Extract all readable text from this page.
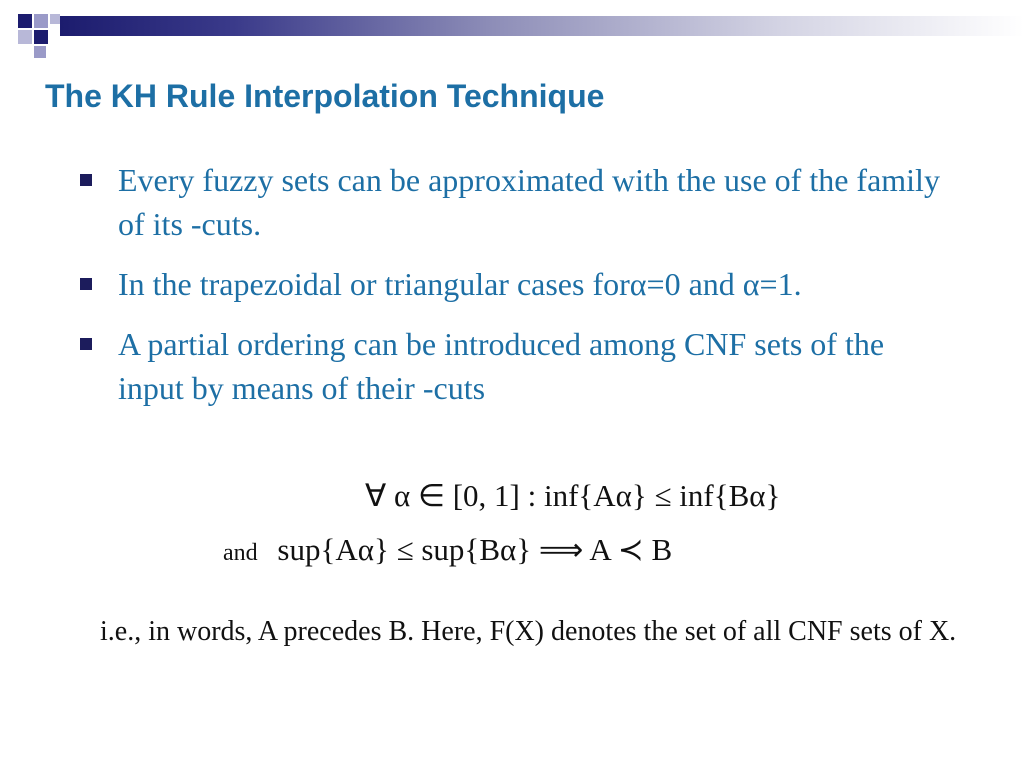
The KH Rule Interpolation Technique
Every fuzzy sets can be approximated with the use of the family of its -cuts.
In the trapezoidal or triangular cases forα=0 and α=1.
A partial ordering can be introduced among CNF sets of the input by means of their -cuts
∀ α ∈ [0, 1] : inf{Aα} ≤ inf{Bα}
and sup{Aα} ≤ sup{Bα} ⟹ A ≺ B
i.e., in words, A precedes B. Here, F(X) denotes the set of all CNF sets of X.
